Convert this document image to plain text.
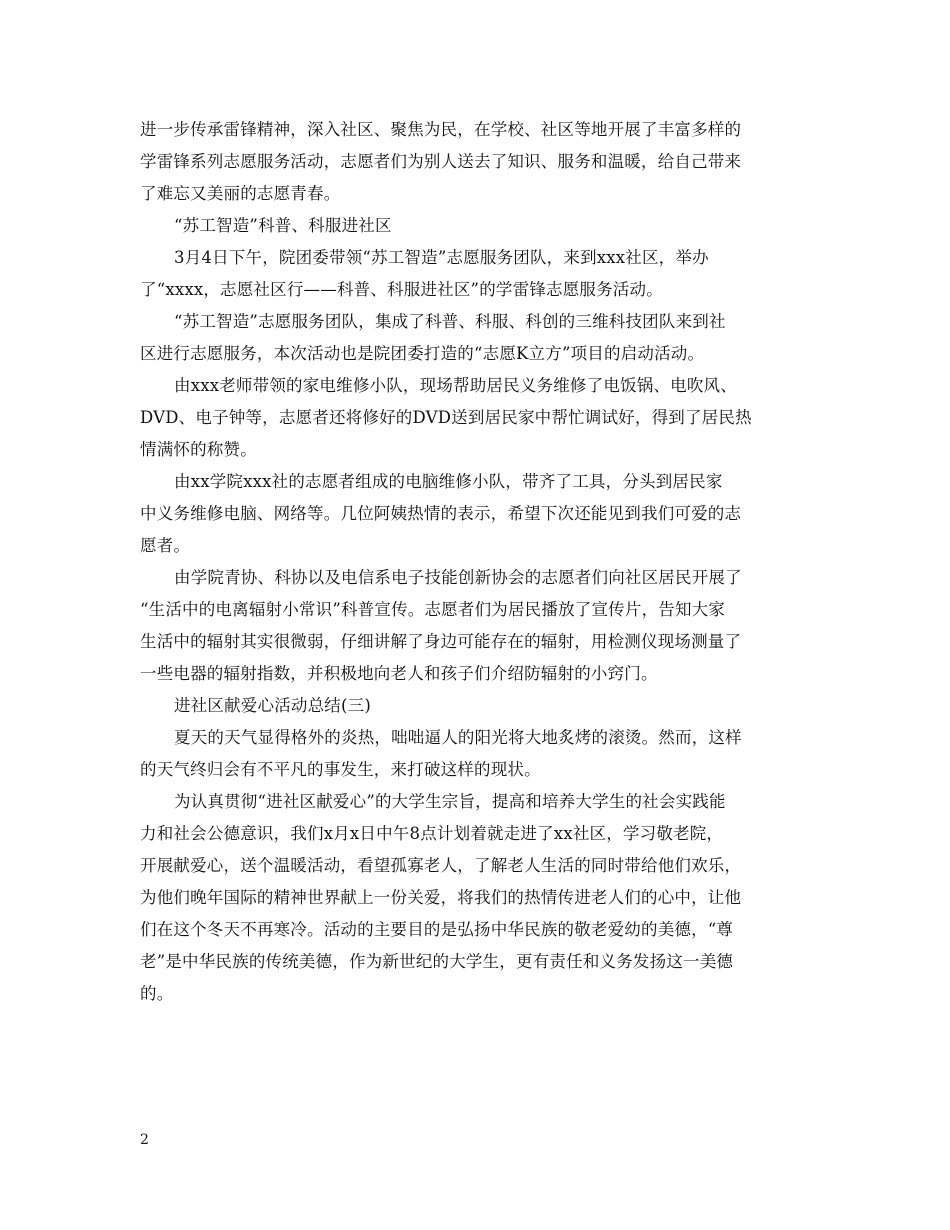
进一步传承雷锋精神，深入社区、聚焦为民，在学校、社区等地开展了丰富多样的
学雷锋系列志愿服务活动，志愿者们为别人送去了知识、服务和温暖，给自己带来
了难忘又美丽的志愿青春。
“苏工智造”科普、科服进社区
3月4日下午，院团委带领“苏工智造”志愿服务团队，来到xxx社区，举办
了“xxxx，志愿社区行——科普、科服进社区”的学雷锋志愿服务活动。
“苏工智造”志愿服务团队，集成了科普、科服、科创的三维科技团队来到社
区进行志愿服务，本次活动也是院团委打造的“志愿K立方”项目的启动活动。
由xxx老师带领的家电维修小队，现场帮助居民义务维修了电饭锅、电吹风、
DVD、电子钟等，志愿者还将修好的DVD送到居民家中帮忙调试好，得到了居民热
情满怀的称赞。
由xx学院xxx社的志愿者组成的电脑维修小队，带齐了工具，分头到居民家
中义务维修电脑、网络等。几位阿姨热情的表示，希望下次还能见到我们可爱的志
愿者。
由学院青协、科协以及电信系电子技能创新协会的志愿者们向社区居民开展了
“生活中的电离辐射小常识”科普宣传。志愿者们为居民播放了宣传片，告知大家
生活中的辐射其实很微弱，仔细讲解了身边可能存在的辐射，用检测仪现场测量了
一些电器的辐射指数，并积极地向老人和孩子们介绍防辐射的小窍门。
进社区献爱心活动总结(三)
夏天的天气显得格外的炎热，咄咄逼人的阳光将大地炙烤的滚烫。然而，这样
的天气终归会有不平凡的事发生，来打破这样的现状。
为认真贯彻“进社区献爱心”的大学生宗旨，提高和培养大学生的社会实践能
力和社会公德意识，我们x月x日中午8点计划着就走进了xx社区，学习敬老院，
开展献爱心，送个温暖活动，看望孤寡老人，了解老人生活的同时带给他们欢乐，
为他们晚年国际的精神世界献上一份关爱，将我们的热情传进老人们的心中，让他
们在这个冬天不再寒冷。活动的主要目的是弘扬中华民族的敬老爱幼的美德，“尊
老”是中华民族的传统美德，作为新世纪的大学生，更有责任和义务发扬这一美德
的。
2
